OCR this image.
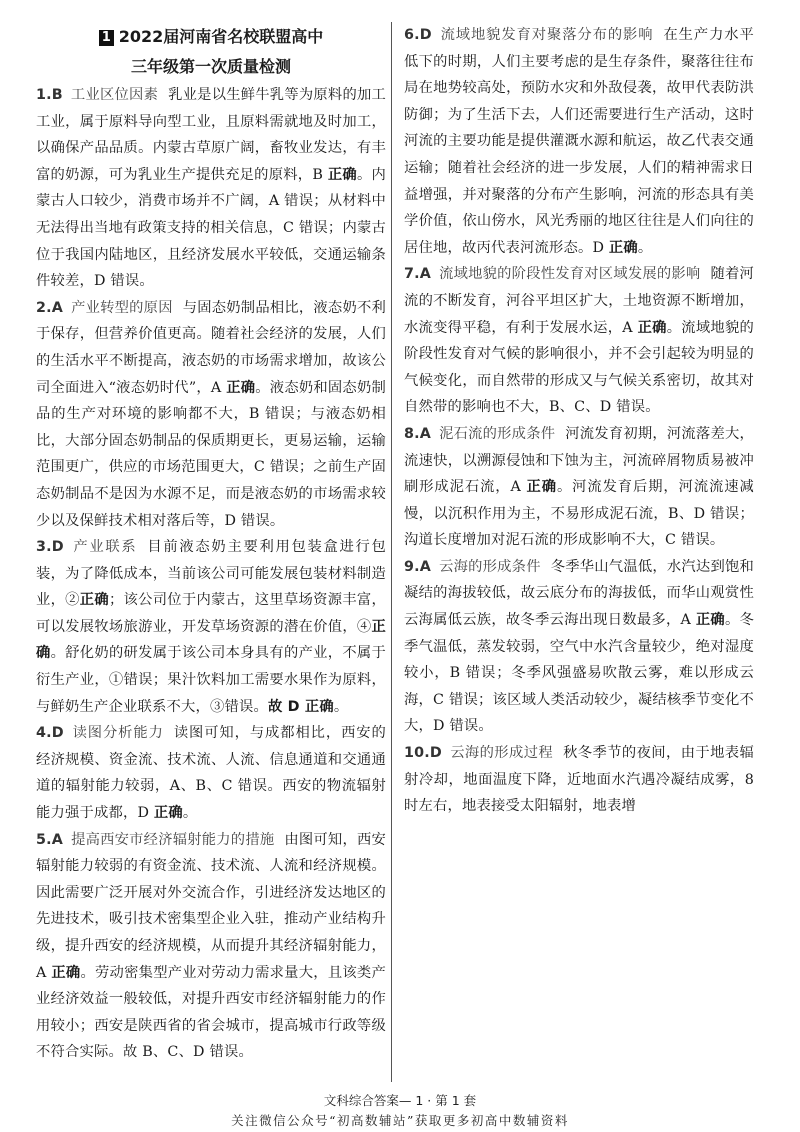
1 2022届河南省名校联盟高中

三年级第一次质量检测

1.B 工业区位因素 乳业是以生鲜牛乳等为原料的加工工业，属于原料导向型工业，且原料需就地及时加工，以确保产品品质。内蒙古草原广阔，畜牧业发达，有丰富的奶源，可为乳业生产提供充足的原料，B 正确。内蒙古人口较少，消费市场并不广阔，A 错误；从材料中无法得出当地有政策支持的相关信息，C 错误；内蒙古位于我国内陆地区，且经济发展水平较低，交通运输条件较差，D 错误。

2.A 产业转型的原因 与固态奶制品相比，液态奶不利于保存，但营养价值更高。随着社会经济的发展，人们的生活水平不断提高，液态奶的市场需求增加，故该公司全面进入“液态奶时代”，A 正确。液态奶和固态奶制品的生产对环境的影响都不大，B 错误；与液态奶相比，大部分固态奶制品的保质期更长，更易运输，运输范围更广，供应的市场范围更大，C 错误；之前生产固态奶制品不是因为水源不足，而是液态奶的市场需求较少以及保鲜技术相对落后等，D 错误。

3.D 产业联系 目前液态奶主要利用包装盒进行包装，为了降低成本，当前该公司可能发展包装材料制造业，②正确；该公司位于内蒙古，这里草场资源丰富，可以发展牧场旅游业，开发草场资源的潜在价值，④正确。舒化奶的研发属于该公司本身具有的产业，不属于衍生产业，①错误；果汁饮料加工需要水果作为原料，与鲜奶生产企业联系不大，③错误。故 D 正确。

4.D 读图分析能力 读图可知，与成都相比，西安的经济规模、资金流、技术流、人流、信息通道和交通通道的辐射能力较弱，A、B、C 错误。西安的物流辐射能力强于成都，D 正确。

5.A 提高西安市经济辐射能力的措施 由图可知，西安辐射能力较弱的有资金流、技术流、人流和经济规模。因此需要广泛开展对外交流合作，引进经济发达地区的先进技术，吸引技术密集型企业入驻，推动产业结构升级，提升西安的经济规模，从而提升其经济辐射能力，A 正确。劳动密集型产业对劳动力需求量大，且该类产业经济效益一般较低，对提升西安市经济辐射能力的作用较小；西安是陕西省的省会城市，提高城市行政等级不符合实际。故 B、C、D 错误。

6.D 流域地貌发育对聚落分布的影响 在生产力水平低下的时期，人们主要考虑的是生存条件，聚落往往布局在地势较高处，预防水灾和外敌侵袭，故甲代表防洪防御；为了生活下去，人们还需要进行生产活动，这时河流的主要功能是提供灌溉水源和航运，故乙代表交通运输；随着社会经济的进一步发展，人们的精神需求日益增强，并对聚落的分布产生影响，河流的形态具有美学价值，依山傍水，风光秀丽的地区往往是人们向往的居住地，故丙代表河流形态。D 正确。

7.A 流域地貌的阶段性发育对区域发展的影响 随着河流的不断发育，河谷平坦区扩大，土地资源不断增加，水流变得平稳，有利于发展水运，A 正确。流域地貌的阶段性发育对气候的影响很小，并不会引起较为明显的气候变化，而自然带的形成又与气候关系密切，故其对自然带的影响也不大，B、C、D 错误。

8.A 泥石流的形成条件 河流发育初期，河流落差大，流速快，以溯源侵蚀和下蚀为主，河流碎屑物质易被冲刷形成泥石流，A 正确。河流发育后期，河流流速减慢，以沉积作用为主，不易形成泥石流，B、D 错误；沟道长度增加对泥石流的形成影响不大，C 错误。

9.A 云海的形成条件 冬季华山气温低，水汽达到饱和凝结的海拔较低，故云底分布的海拔低，而华山观赏性云海属低云族，故冬季云海出现日数最多，A 正确。冬季气温低，蒸发较弱，空气中水汽含量较少，绝对湿度较小，B 错误；冬季风强盛易吹散云雾，难以形成云海，C 错误；该区域人类活动较少，凝结核季节变化不大，D 错误。

10.D 云海的形成过程 秋冬季节的夜间，由于地表辐射冷却，地面温度下降，近地面水汽遇冷凝结成雾，8 时左右，地表接受太阳辐射，地表增

文科综合答案— 1 · 第 1 套
关注微信公众号“初高数辅站”获取更多初高中数辅资料
